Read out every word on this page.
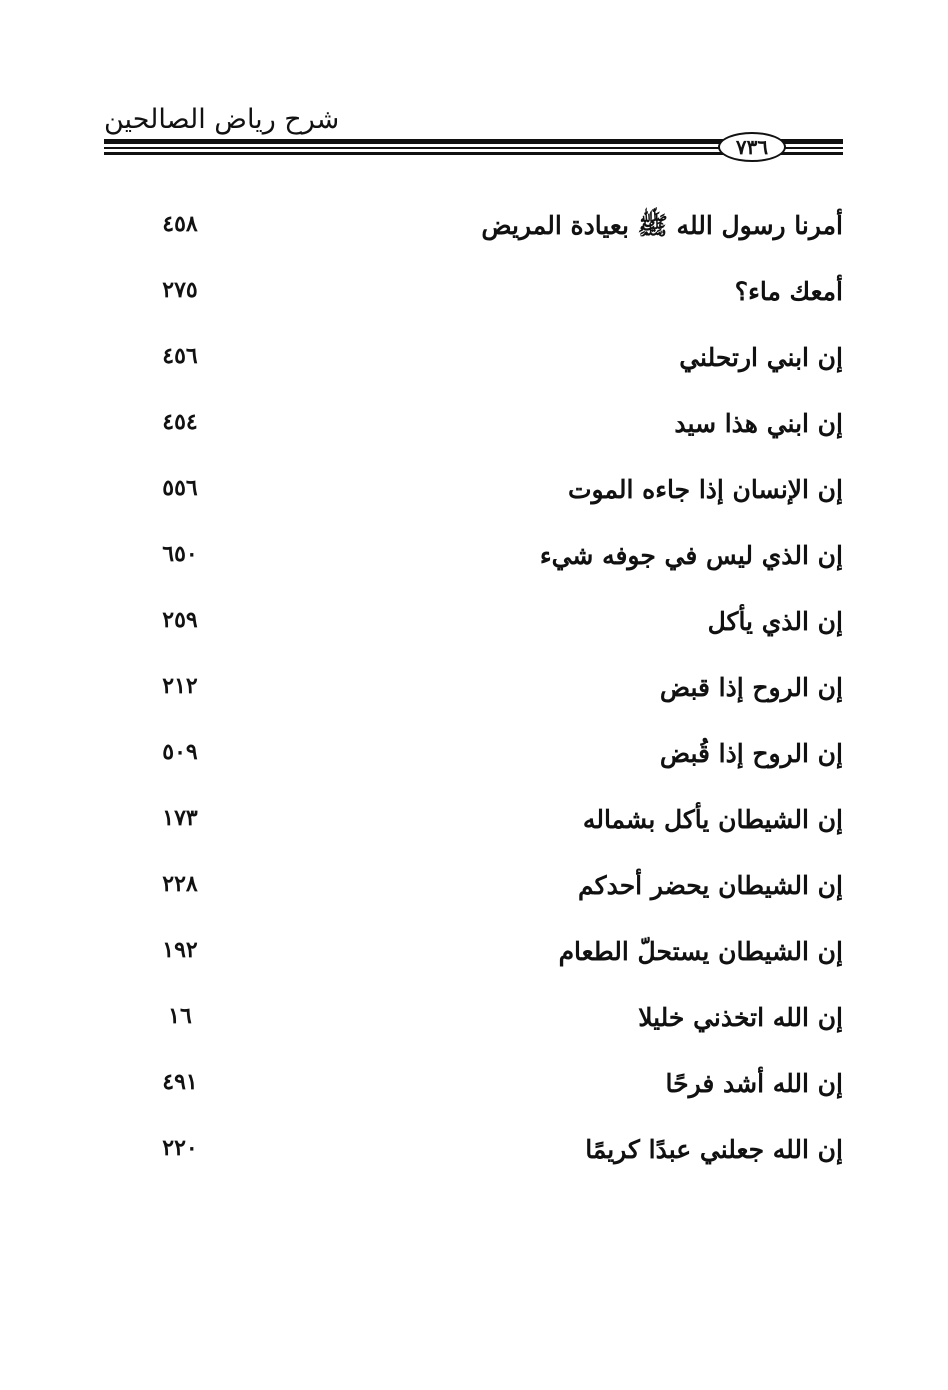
شرح رياض الصالحين
٧٣٦
أمرنا رسول الله ﷺ بعيادة المريض
٤٥٨
أمعك ماء؟
٢٧٥
إن ابني ارتحلني
٤٥٦
إن ابني هذا سيد
٤٥٤
إن الإنسان إذا جاءه الموت
٥٥٦
إن الذي ليس في جوفه شيء
٦٥٠
إن الذي يأكل
٢٥٩
إن الروح إذا قبض
٢١٢
إن الروح إذا قُبض
٥٠٩
إن الشيطان يأكل بشماله
١٧٣
إن الشيطان يحضر أحدكم
٢٢٨
إن الشيطان يستحلّ الطعام
١٩٢
إن الله اتخذني خليلا
١٦
إن الله أشد فرحًا
٤٩١
إن الله جعلني عبدًا كريمًا
٢٢٠
